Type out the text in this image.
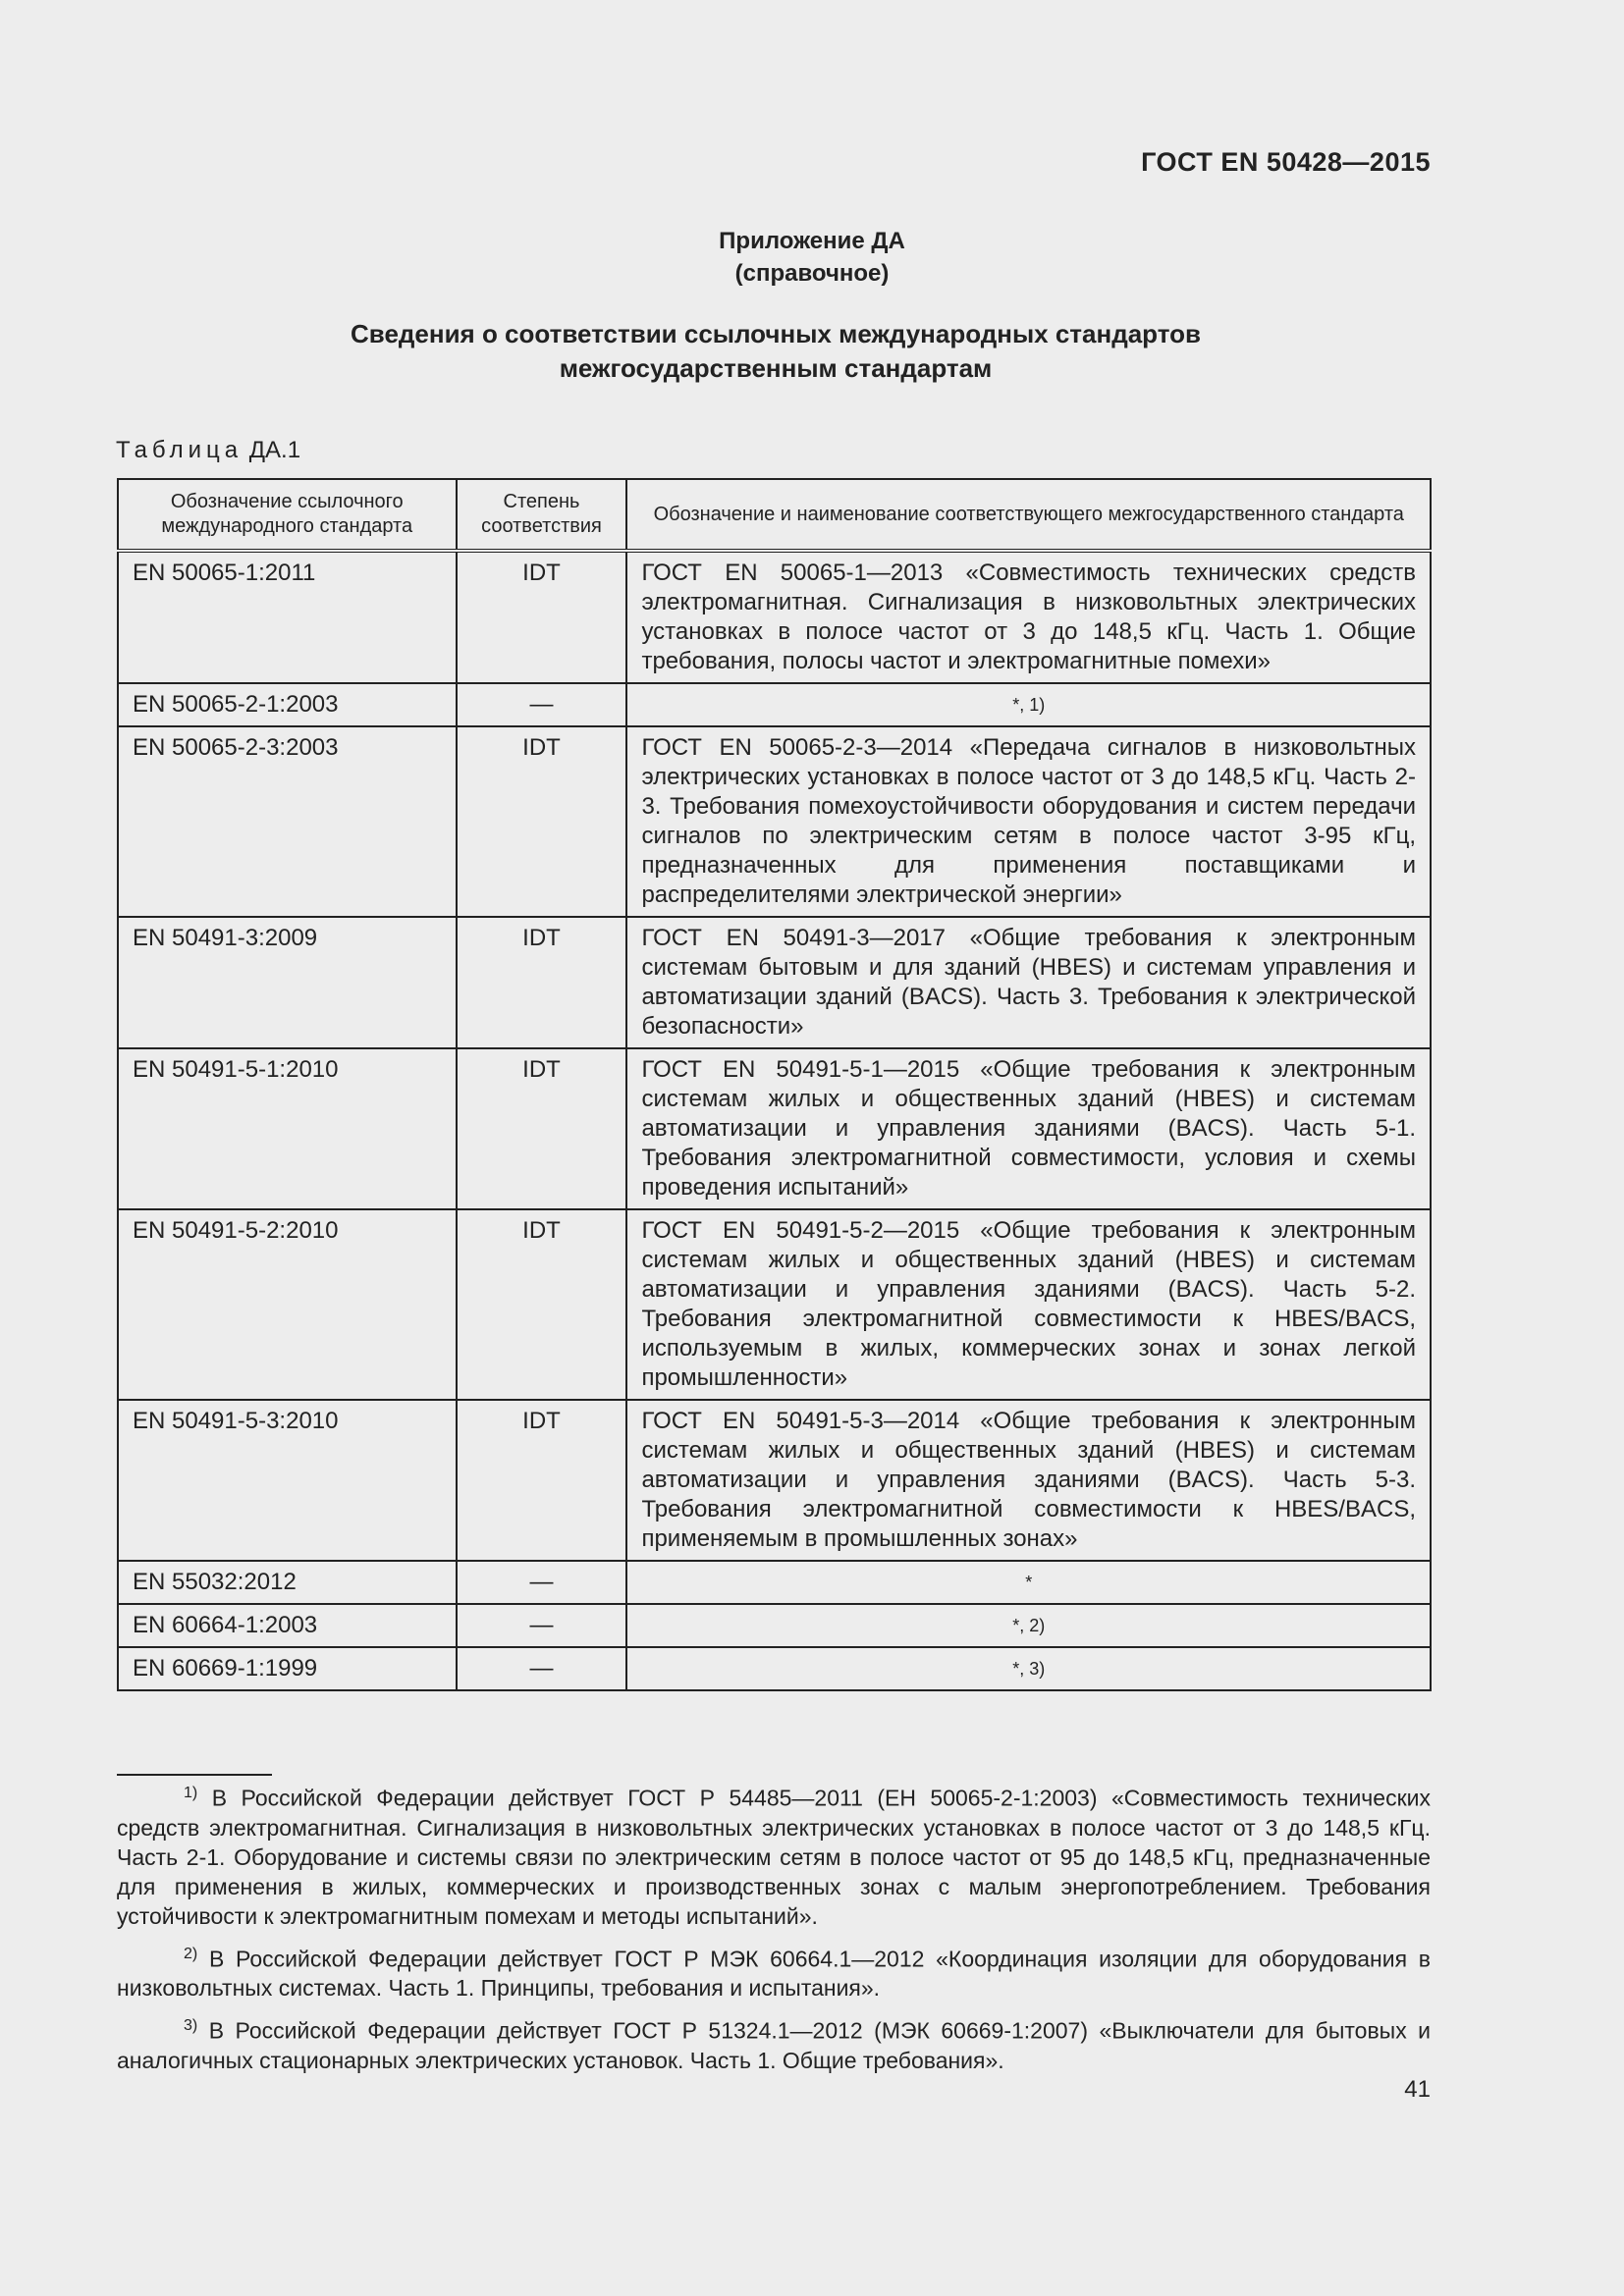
ГОСТ EN 50428—2015
Приложение ДА
(справочное)
Сведения о соответствии ссылочных международных стандартов
межгосударственным стандартам
Таблица ДА.1
Обозначение ссылочного международного стандарта	Степень соответствия	Обозначение и наименование соответствующего межгосударственного стандарта
EN 50065-1:2011	IDT	ГОСТ EN 50065-1—2013 «Совместимость технических средств электромагнитная. Сигнализация в низковольтных электрических установках в полосе частот от 3 до 148,5 кГц. Часть 1. Общие требования, полосы частот и электромагнитные помехи»
EN 50065-2-1:2003	—	*, 1)
EN 50065-2-3:2003	IDT	ГОСТ EN 50065-2-3—2014 «Передача сигналов в низковольтных электрических установках в полосе частот от 3 до 148,5 кГц. Часть 2-3. Требования помехоустойчивости оборудования и систем передачи сигналов по электрическим сетям в полосе частот 3-95 кГц, предназначенных для применения поставщиками и распределителями электрической энергии»
EN 50491-3:2009	IDT	ГОСТ EN 50491-3—2017 «Общие требования к электронным системам бытовым и для зданий (HBES) и системам управления и автоматизации зданий (BACS). Часть 3. Требования к электрической безопасности»
EN 50491-5-1:2010	IDT	ГОСТ EN 50491-5-1—2015 «Общие требования к электронным системам жилых и общественных зданий (HBES) и системам автоматизации и управления зданиями (BACS). Часть 5-1. Требования электромагнитной совместимости, условия и схемы проведения испытаний»
EN 50491-5-2:2010	IDT	ГОСТ EN 50491-5-2—2015 «Общие требования к электронным системам жилых и общественных зданий (HBES) и системам автоматизации и управления зданиями (BACS). Часть 5-2. Требования электромагнитной совместимости к HBES/BACS, используемым в жилых, коммерческих зонах и зонах легкой промышленности»
EN 50491-5-3:2010	IDT	ГОСТ EN 50491-5-3—2014 «Общие требования к электронным системам жилых и общественных зданий (HBES) и системам автоматизации и управления зданиями (BACS). Часть 5-3. Требования электромагнитной совместимости к HBES/BACS, применяемым в промышленных зонах»
EN 55032:2012	—	*
EN 60664-1:2003	—	*, 2)
EN 60669-1:1999	—	*, 3)

$^{1)}$ В Российской Федерации действует ГОСТ Р 54485—2011 (ЕН 50065-2-1:2003) «Совместимость технических средств электромагнитная. Сигнализация в низковольтных электрических установках в полосе частот от 3 до 148,5 кГц. Часть 2-1. Оборудование и системы связи по электрическим сетям в полосе частот от 95 до 148,5 кГц, предназначенные для применения в жилых, коммерческих и производственных зонах с малым энергопотреблением. Требования устойчивости к электромагнитным помехам и методы испытаний».

$^{2)}$ В Российской Федерации действует ГОСТ Р МЭК 60664.1—2012 «Координация изоляции для оборудования в низковольтных системах. Часть 1. Принципы, требования и испытания».

$^{3)}$ В Российской Федерации действует ГОСТ Р 51324.1—2012 (МЭК 60669-1:2007) «Выключатели для бытовых и аналогичных стационарных электрических установок. Часть 1. Общие требования».

41
